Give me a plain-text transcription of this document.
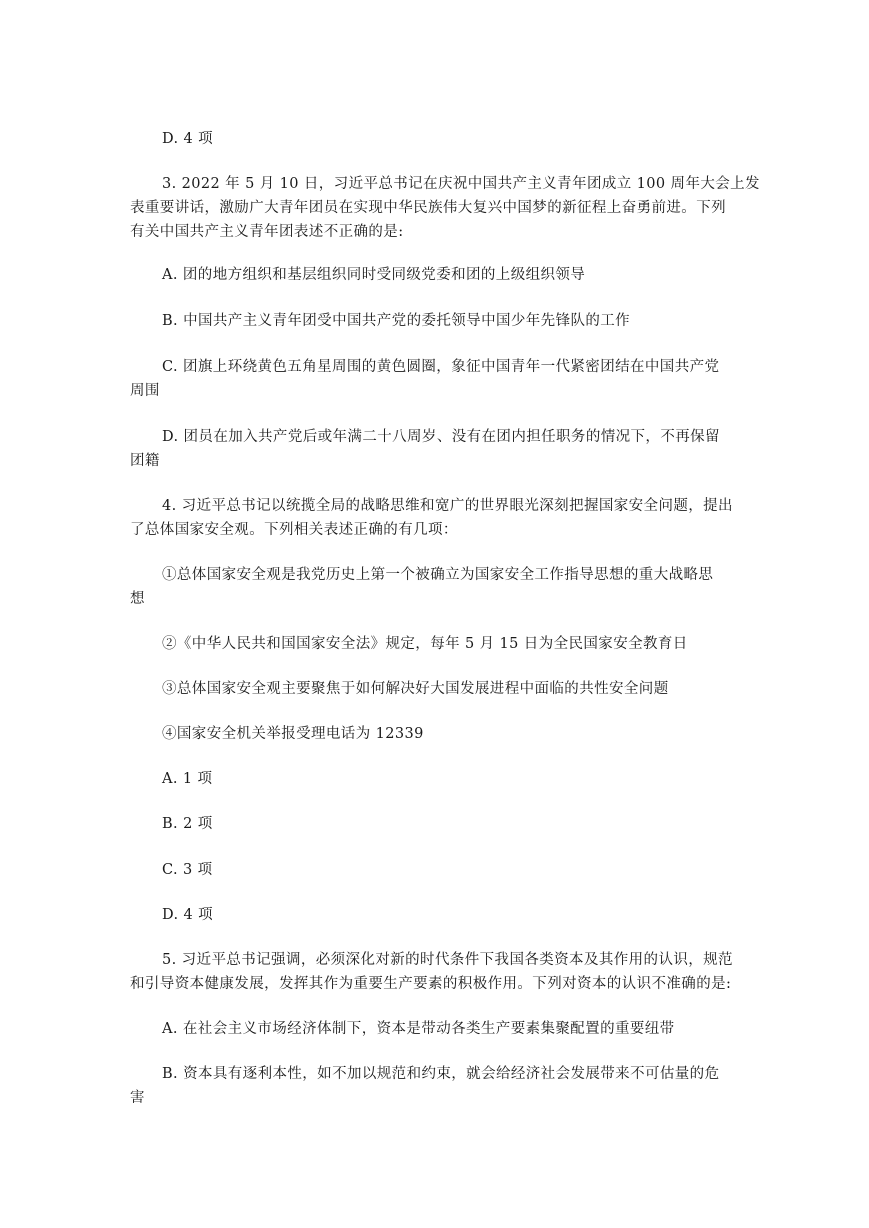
D. 4 项
3. 2022 年 5 月 10 日，习近平总书记在庆祝中国共产主义青年团成立 100 周年大会上发
表重要讲话，激励广大青年团员在实现中华民族伟大复兴中国梦的新征程上奋勇前进。下列
有关中国共产主义青年团表述不正确的是:
A. 团的地方组织和基层组织同时受同级党委和团的上级组织领导
B. 中国共产主义青年团受中国共产党的委托领导中国少年先锋队的工作
C. 团旗上环绕黄色五角星周围的黄色圆圈，象征中国青年一代紧密团结在中国共产党
周围
D. 团员在加入共产党后或年满二十八周岁、没有在团内担任职务的情况下，不再保留
团籍
4. 习近平总书记以统揽全局的战略思维和宽广的世界眼光深刻把握国家安全问题，提出
了总体国家安全观。下列相关表述正确的有几项：
①总体国家安全观是我党历史上第一个被确立为国家安全工作指导思想的重大战略思
想
②《中华人民共和国国家安全法》规定，每年 5 月 15 日为全民国家安全教育日
③总体国家安全观主要聚焦于如何解决好大国发展进程中面临的共性安全问题
④国家安全机关举报受理电话为 12339
A. 1 项
B. 2 项
C. 3 项
D. 4 项
5. 习近平总书记强调，必须深化对新的时代条件下我国各类资本及其作用的认识，规范
和引导资本健康发展，发挥其作为重要生产要素的积极作用。下列对资本的认识不准确的是:
A. 在社会主义市场经济体制下，资本是带动各类生产要素集聚配置的重要纽带
B. 资本具有逐利本性，如不加以规范和约束，就会给经济社会发展带来不可估量的危
害
